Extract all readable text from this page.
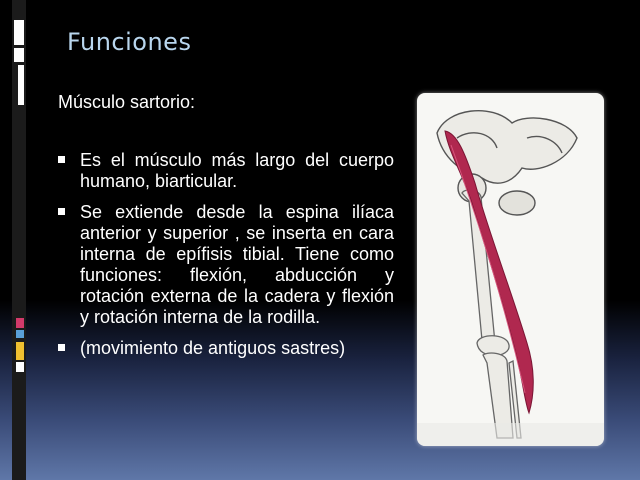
Funciones
Músculo sartorio:
Es el músculo más largo del cuerpo humano, biarticular.
Se extiende desde la espina ilíaca anterior y superior , se inserta en cara interna de epífisis tibial. Tiene como funciones: flexión, abducción y rotación externa de la cadera y flexión y rotación interna de la rodilla.
(movimiento de antiguos sastres)
